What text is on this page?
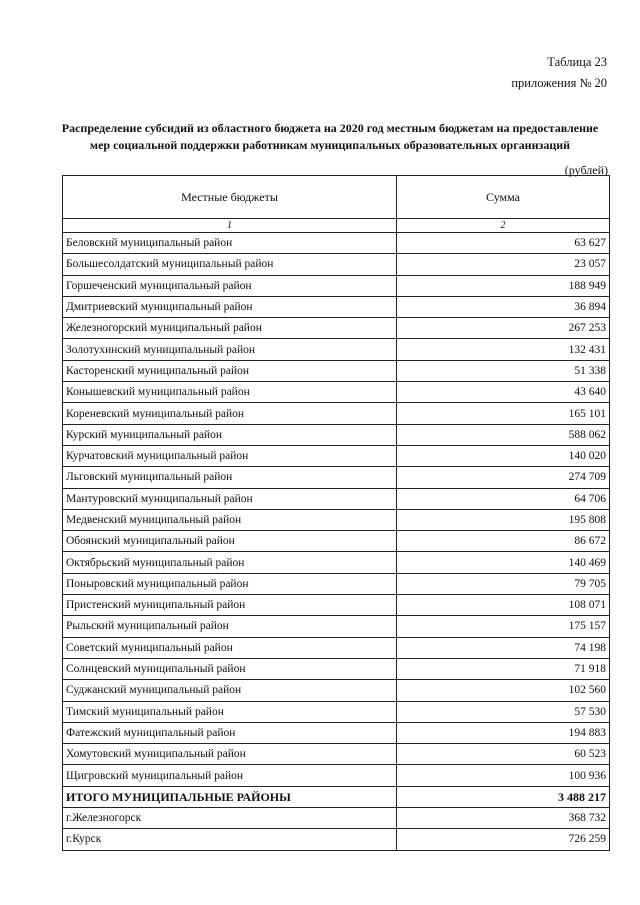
Таблица 23
приложения № 20
Распределение субсидий из областного бюджета на 2020 год местным бюджетам на предоставление
мер социальной поддержки работникам муниципальных образовательных организаций
(рублей)
Местные бюджеты	Сумма
1	2
Беловский муниципальный район	63 627
Большесолдатский муниципальный район	23 057
Горшеченский муниципальный район	188 949
Дмитриевский муниципальный район	36 894
Железногорский муниципальный район	267 253
Золотухинский муниципальный район	132 431
Касторенский муниципальный район	51 338
Конышевский муниципальный район	43 640
Кореневский муниципальный район	165 101
Курский муниципальный район	588 062
Курчатовский муниципальный район	140 020
Льговский муниципальный район	274 709
Мантуровский муниципальный район	64 706
Медвенский муниципальный район	195 808
Обоянский муниципальный район	86 672
Октябрьский муниципальный район	140 469
Поныровский муниципальный район	79 705
Пристенский муниципальный район	108 071
Рыльский муниципальный район	175 157
Советский муниципальный район	74 198
Солнцевский муниципальный район	71 918
Суджанский муниципальный район	102 560
Тимский муниципальный район	57 530
Фатежский муниципальный район	194 883
Хомутовский муниципальный район	60 523
Щигровский муниципальный район	100 936
ИТОГО МУНИЦИПАЛЬНЫЕ РАЙОНЫ	3 488 217
г.Железногорск	368 732
г.Курск	726 259
